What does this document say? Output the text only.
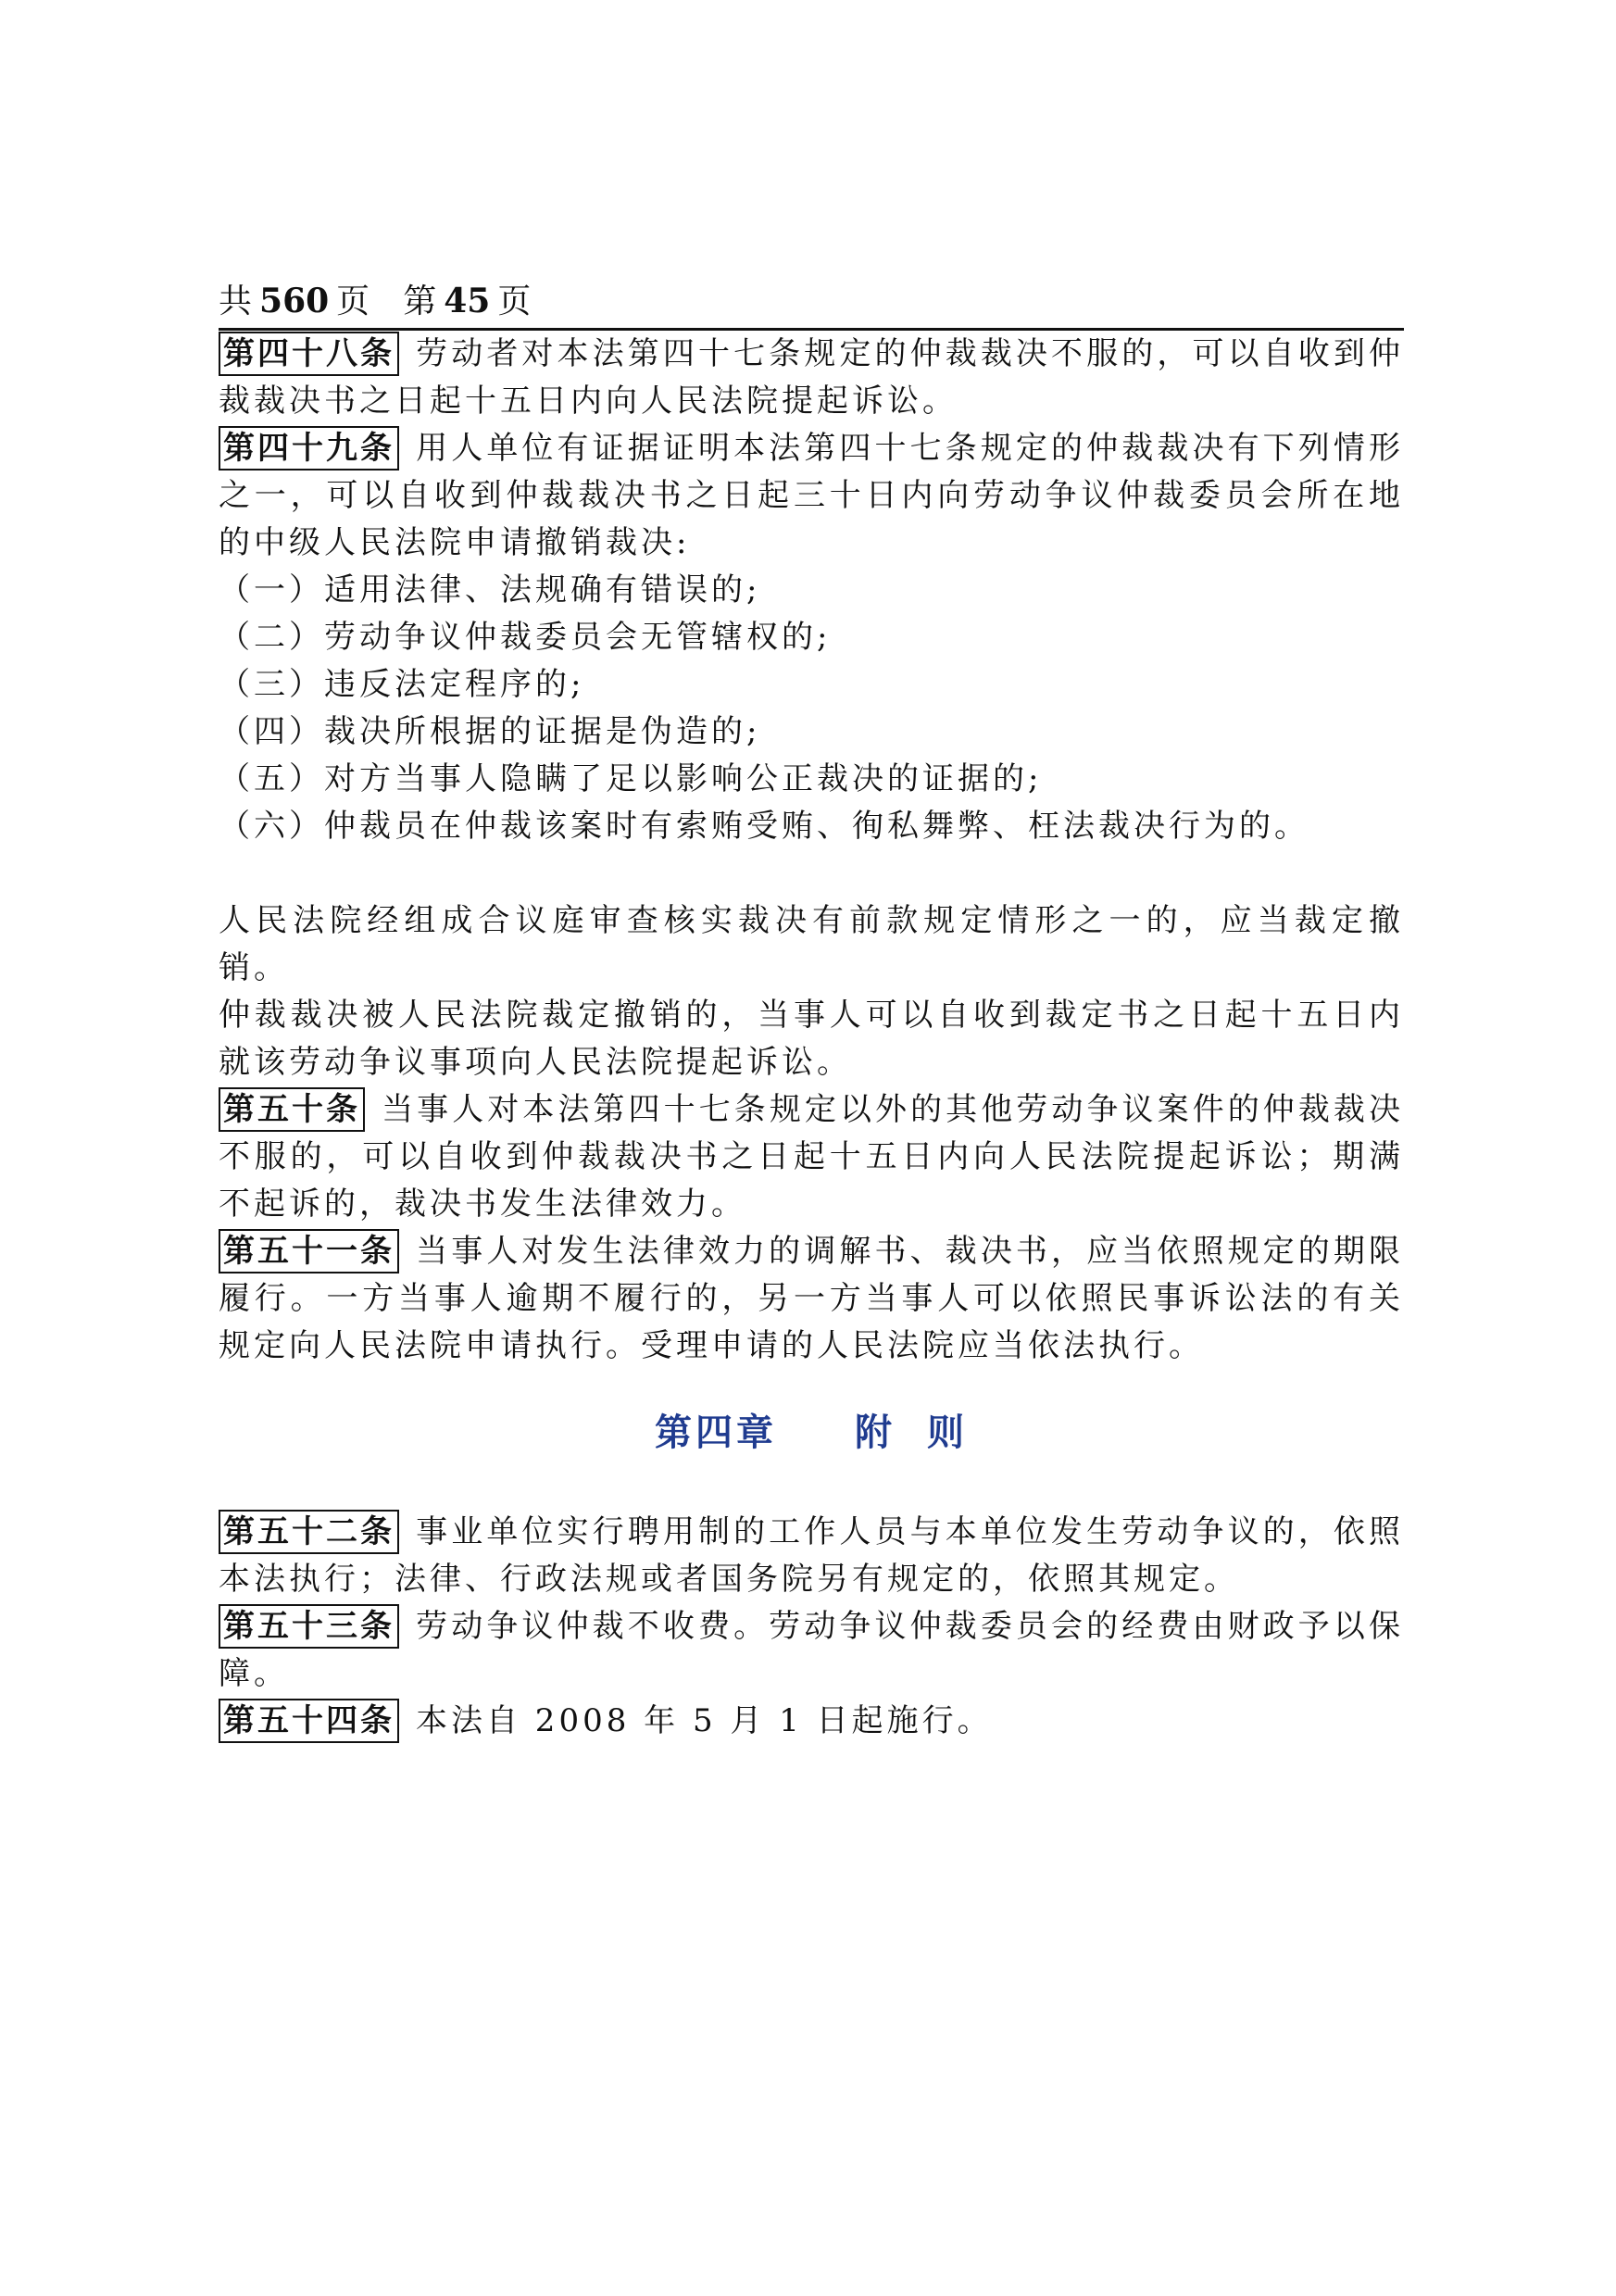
共 560 页 第 45 页

第四十八条 劳动者对本法第四十七条规定的仲裁裁决不服的，可以自收到仲裁裁决书之日起十五日内向人民法院提起诉讼。

第四十九条 用人单位有证据证明本法第四十七条规定的仲裁裁决有下列情形之一，可以自收到仲裁裁决书之日起三十日内向劳动争议仲裁委员会所在地的中级人民法院申请撤销裁决:

（一）适用法律、法规确有错误的;

（二）劳动争议仲裁委员会无管辖权的;

（三）违反法定程序的;

（四）裁决所根据的证据是伪造的;

（五）对方当事人隐瞒了足以影响公正裁决的证据的;

（六）仲裁员在仲裁该案时有索贿受贿、徇私舞弊、枉法裁决行为的。

人民法院经组成合议庭审查核实裁决有前款规定情形之一的，应当裁定撤销。

仲裁裁决被人民法院裁定撤销的，当事人可以自收到裁定书之日起十五日内就该劳动争议事项向人民法院提起诉讼。

第五十条 当事人对本法第四十七条规定以外的其他劳动争议案件的仲裁裁决不服的，可以自收到仲裁裁决书之日起十五日内向人民法院提起诉讼；期满不起诉的，裁决书发生法律效力。

第五十一条 当事人对发生法律效力的调解书、裁决书，应当依照规定的期限履行。一方当事人逾期不履行的，另一方当事人可以依照民事诉讼法的有关规定向人民法院申请执行。受理申请的人民法院应当依法执行。

第四章 附 则

第五十二条 事业单位实行聘用制的工作人员与本单位发生劳动争议的，依照本法执行；法律、行政法规或者国务院另有规定的，依照其规定。

第五十三条 劳动争议仲裁不收费。劳动争议仲裁委员会的经费由财政予以保障。

第五十四条 本法自 2008 年 5 月 1 日起施行。
